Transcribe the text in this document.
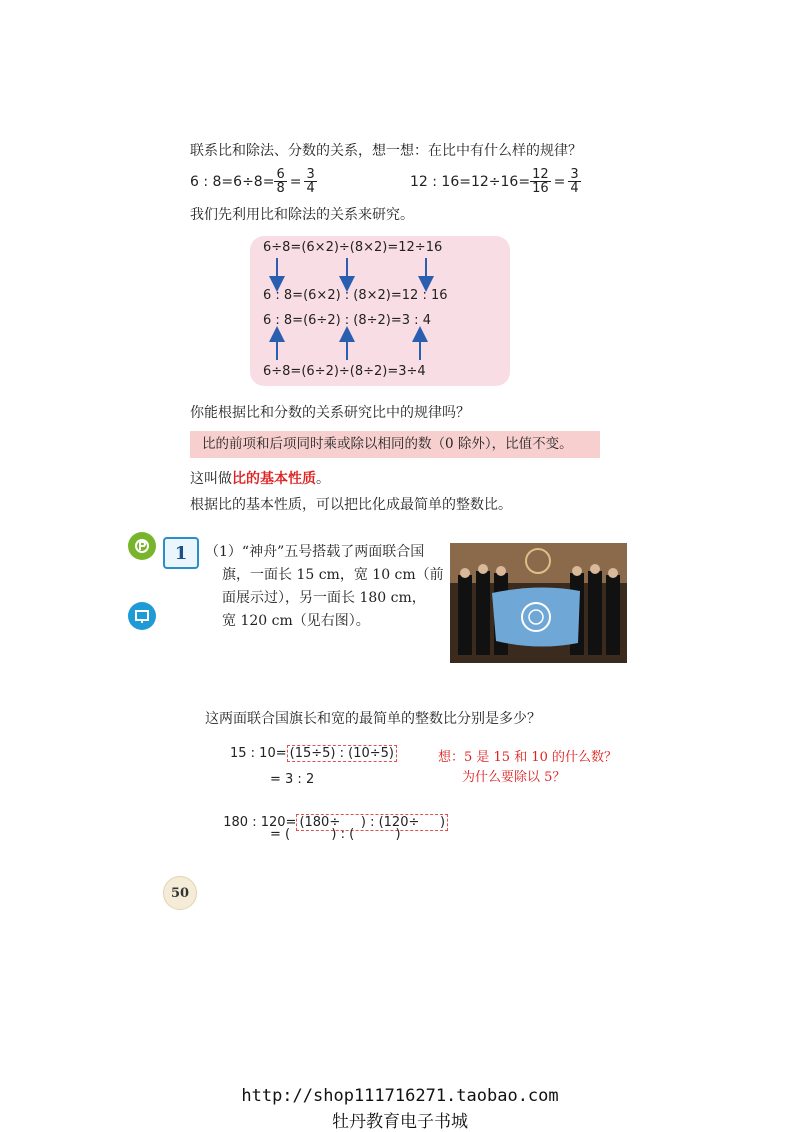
联系比和除法、分数的关系，想一想：在比中有什么样的规律？
6 : $8=6\div 8= \frac{6}{8} = \frac{3}{4}$	12 : $16=12\div 16= \frac{12}{16} = \frac{3}{4}$
我们先利用比和除法的关系来研究。
6÷8=(6×2)÷(8×2)=12÷16
6 : 8=(6×2) : (8×2)=12 : 16
6 : 8=(6÷2) : (8÷2)=3 : 4
6÷8=(6÷2)÷(8÷2)=3÷4
你能根据比和分数的关系研究比中的规律吗？
比的前项和后项同时乘或除以相同的数（0 除外），比值不变。
这叫做比的基本性质。
根据比的基本性质，可以把比化成最简单的整数比。
1	（1）“神舟”五号搭载了两面联合国
旗，一面长 15 cm，宽 10 cm（前
面展示过），另一面长 180 cm，
宽 120 cm（见右图）。
这两面联合国旗长和宽的最简单的整数比分别是多少？
15 : 10= (15÷5) : (10÷5)
= 3 : 2

180 : 120= (180÷     ) : (120÷     )

= (          ) : (          )
想：5 是 15 和 10 的什么数？
为什么要除以 5？
50
http://shop111716271.taobao.com
牡丹教育电子书城
